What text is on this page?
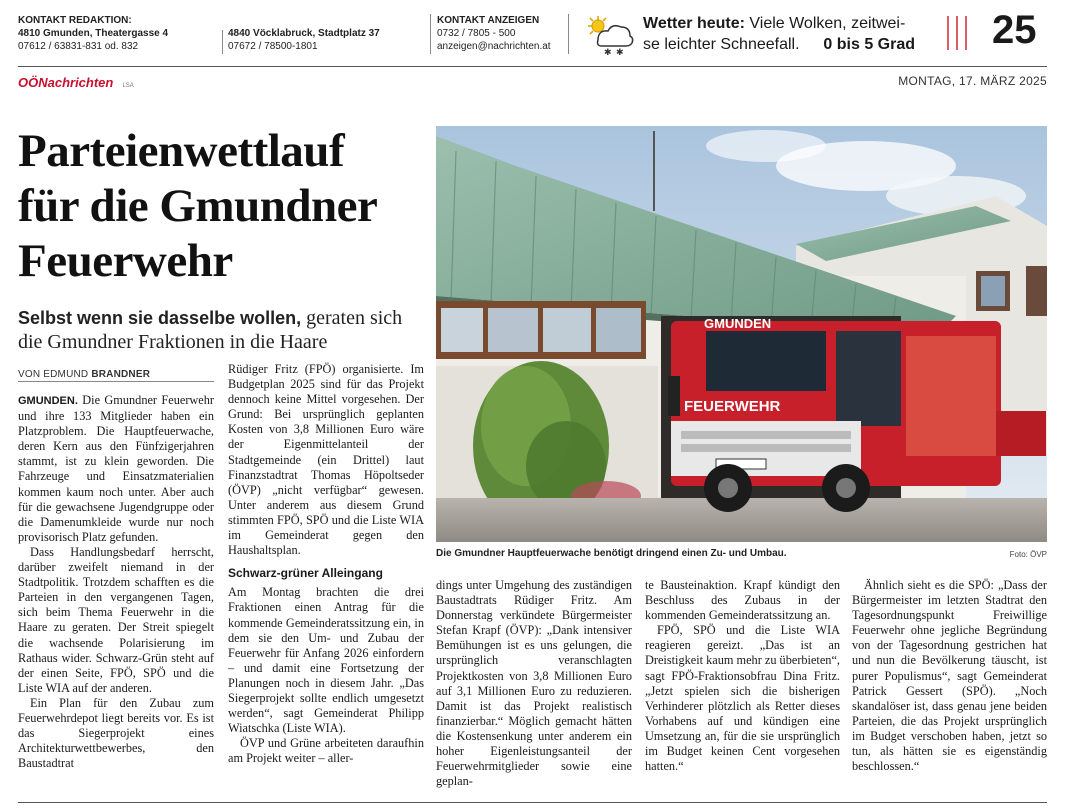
KONTAKT REDAKTION:
4810 Gmunden, Theatergasse 4
07612 / 63831-831 od. 832
4840 Vöcklabruck, Stadtplatz 37
07672 / 78500-1801
KONTAKT ANZEIGEN
0732 / 7805 - 500
anzeigen@nachrichten.at
✱ ✱
Wetter heute: Viele Wolken, zeitwei-
se leichter Schneefall. 0 bis 5 Grad 25
OÖNachrichten LSA	MONTAG, 17. MÄRZ 2025
Parteienwettlauf
für die Gmundner
Feuerwehr
Selbst wenn sie dasselbe wollen, geraten sich die Gmundner Fraktionen in die Haare
VON EDMUND BRANDNER
GMUNDEN
FEUERWEHR
Die Gmundner Hauptfeuerwache benötigt dringend einen Zu- und Umbau.	Foto: ÖVP

GMUNDEN. Die Gmundner Feuerwehr und ihre 133 Mitglieder haben ein Platzproblem. Die Hauptfeuerwache, deren Kern aus den Fünfzigerjahren stammt, ist zu klein geworden. Die Fahrzeuge und Einsatzmaterialien kommen kaum noch unter. Aber auch für die gewachsene Jugendgruppe oder die Damenumkleide wurde nur noch provisorisch Platz gefunden.

Dass Handlungsbedarf herrscht, darüber zweifelt niemand in der Stadtpolitik. Trotzdem schafften es die Parteien in den vergangenen Tagen, sich beim Thema Feuerwehr in die Haare zu geraten. Der Streit spiegelt die wachsende Polarisierung im Rathaus wider. Schwarz-Grün steht auf der einen Seite, FPÖ, SPÖ und die Liste WIA auf der anderen.

Ein Plan für den Zubau zum Feuerwehrdepot liegt bereits vor. Es ist das Siegerprojekt eines Architekturwettbewerbes, den Baustadtrat

Rüdiger Fritz (FPÖ) organisierte. Im Budgetplan 2025 sind für das Projekt dennoch keine Mittel vorgesehen. Der Grund: Bei ursprünglich geplanten Kosten von 3,8 Millionen Euro wäre der Eigenmittelanteil der Stadtgemeinde (ein Drittel) laut Finanzstadtrat Thomas Höpoltseder (ÖVP) „nicht verfügbar“ gewesen. Unter anderem aus diesem Grund stimmten FPÖ, SPÖ und die Liste WIA im Gemeinderat gegen den Haushaltsplan.

Schwarz-grüner Alleingang

Am Montag brachten die drei Fraktionen einen Antrag für die kommende Gemeinderatssitzung ein, in dem sie den Um- und Zubau der Feuerwehr für Anfang 2026 einfordern – und damit eine Fortsetzung der Planungen noch in diesem Jahr. „Das Siegerprojekt sollte endlich umgesetzt werden“, sagt Gemeinderat Philipp Wiatschka (Liste WIA).

ÖVP und Grüne arbeiteten daraufhin am Projekt weiter – aller-

dings unter Umgehung des zuständigen Baustadtrats Rüdiger Fritz. Am Donnerstag verkündete Bürgermeister Stefan Krapf (ÖVP): „Dank intensiver Bemühungen ist es uns gelungen, die ursprünglich veranschlagten Projektkosten von 3,8 Millionen Euro auf 3,1 Millionen Euro zu reduzieren. Damit ist das Projekt realistisch finanzierbar.“ Möglich gemacht hätten die Kostensenkung unter anderem ein hoher Eigenleistungsanteil der Feuerwehrmitglieder sowie eine geplan-

te Bausteinaktion. Krapf kündigt den Beschluss des Zubaus in der kommenden Gemeinderatssitzung an.

FPÖ, SPÖ und die Liste WIA reagieren gereizt. „Das ist an Dreistigkeit kaum mehr zu überbieten“, sagt FPÖ-Fraktionsobfrau Dina Fritz. „Jetzt spielen sich die bisherigen Verhinderer plötzlich als Retter dieses Vorhabens auf und kündigen eine Umsetzung an, für die sie ursprünglich im Budget keinen Cent vorgesehen hatten.“

Ähnlich sieht es die SPÖ: „Dass der Bürgermeister im letzten Stadtrat den Tagesordnungspunkt Freiwillige Feuerwehr ohne jegliche Begründung von der Tagesordnung gestrichen hat und nun die Bevölkerung täuscht, ist purer Populismus“, sagt Gemeinderat Patrick Gessert (SPÖ). „Noch skandalöser ist, dass genau jene beiden Parteien, die das Projekt ursprünglich im Budget verschoben haben, jetzt so tun, als hätten sie es eigenständig beschlossen.“
